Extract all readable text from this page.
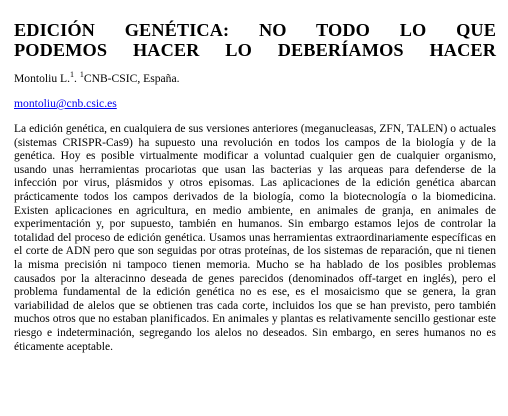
EDICIÓN GENÉTICA: NO TODO LO QUE
PODEMOS HACER LO DEBERÍAMOS HACER
Montoliu L.$^1$. $^1$CNB-CSIC, España.
montoliu@cnb.csic.es

La edición genética, en cualquiera de sus versiones anteriores (meganucleasas, ZFN, TALEN) o actuales (sistemas CRISPR-Cas9) ha supuesto una revolución en todos los campos de la biología y de la genética. Hoy es posible virtualmente modificar a voluntad cualquier gen de cualquier organismo, usando unas herramientas procariotas que usan las bacterias y las arqueas para defenderse de la infección por virus, plásmidos y otros episomas. Las aplicaciones de la edición genética abarcan prácticamente todos los campos derivados de la biología, como la biotecnología o la biomedicina. Existen aplicaciones en agricultura, en medio ambiente, en animales de granja, en animales de experimentación y, por supuesto, también en humanos. Sin embargo estamos lejos de controlar la totalidad del proceso de edición genética. Usamos unas herramientas extraordinariamente específicas en el corte de ADN pero que son seguidas por otras proteínas, de los sistemas de reparación, que ni tienen la misma precisión ni tampoco tienen memoria. Mucho se ha hablado de los posibles problemas causados por la alteracinno deseada de genes parecidos (denominados off-target en inglés), pero el problema fundamental de la edición genética no es ese, es el mosaicismo que se genera, la gran variabilidad de alelos que se obtienen tras cada corte, incluidos los que se han previsto, pero también muchos otros que no estaban planificados. En animales y plantas es relativamente sencillo gestionar este riesgo e indeterminación, segregando los alelos no deseados. Sin embargo, en seres humanos no es éticamente aceptable.
